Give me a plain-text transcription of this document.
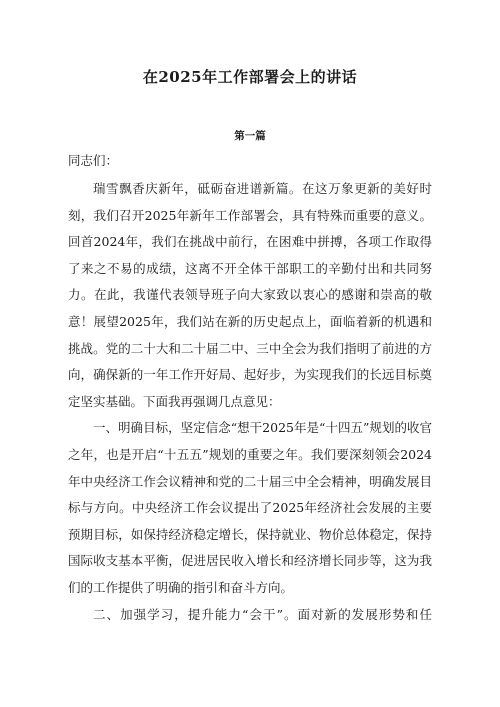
在2025年工作部署会上的讲话
第一篇
同志们：

瑞雪飘香庆新年，砥砺奋进谱新篇。在这万象更新的美好时刻，我们召开2025年新年工作部署会，具有特殊而重要的意义。回首2024年，我们在挑战中前行，在困难中拼搏，各项工作取得了来之不易的成绩，这离不开全体干部职工的辛勤付出和共同努力。在此，我谨代表领导班子向大家致以衷心的感谢和崇高的敬意！展望2025年，我们站在新的历史起点上，面临着新的机遇和挑战。党的二十大和二十届二中、三中全会为我们指明了前进的方向，确保新的一年工作开好局、起好步，为实现我们的长远目标奠定坚实基础。下面我再强调几点意见：

一、明确目标，坚定信念“想干2025年是“十四五”规划的收官之年，也是开启“十五五”规划的重要之年。我们要深刻领会2024年中央经济工作会议精神和党的二十届三中全会精神，明确发展目标与方向。中央经济工作会议提出了2025年经济社会发展的主要预期目标，如保持经济稳定增长，保持就业、物价总体稳定，保持国际收支基本平衡，促进居民收入增长和经济增长同步等，这为我们的工作提供了明确的指引和奋斗方向。

二、加强学习，提升能力“会干”。面对新的发展形势和任
